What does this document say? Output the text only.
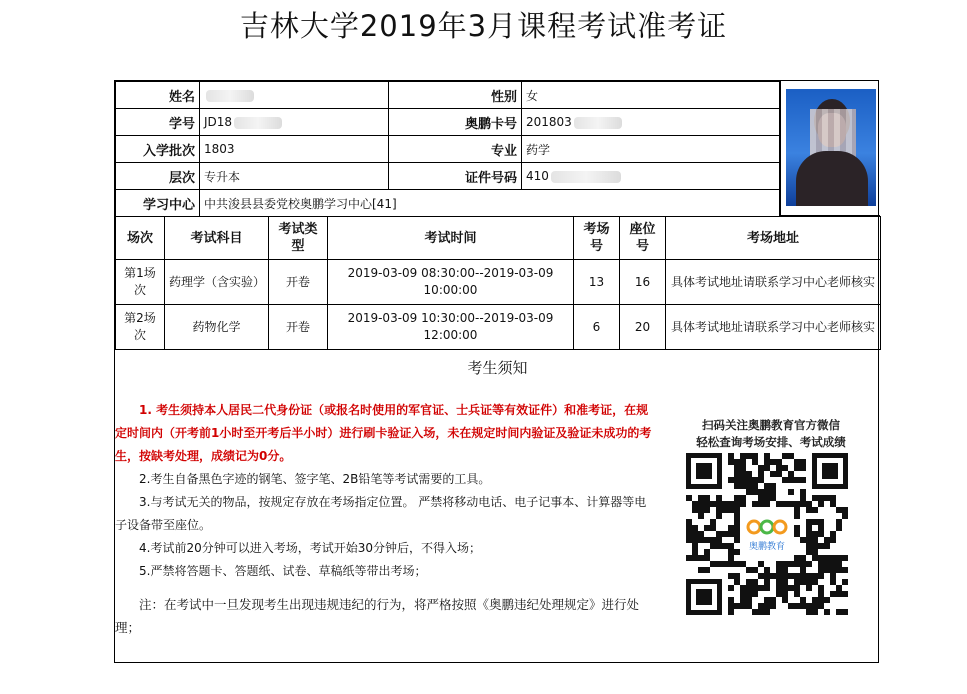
吉林大学2019年3月课程考试准考证
姓名		性别	女
学号	JD18	奥鹏卡号	201803
入学批次	1803	专业	药学
层次	专升本	证件号码	410
学习中心	中共浚县县委党校奥鹏学习中心[41]		
场次	考试科目	考试类型	考试时间	考场号	座位号	考场地址
第1场次	药理学（含实验）	开卷	2019-03-09 08:30:00--2019-03-09 10:00:00	13	16	具体考试地址请联系学习中心老师核实
第2场次	药物化学	开卷	2019-03-09 10:30:00--2019-03-09 12:00:00	6	20	具体考试地址请联系学习中心老师核实
考生须知

1. 考生须持本人居民二代身份证（或报名时使用的军官证、士兵证等有效证件）和准考证，在规定时间内（开考前1小时至开考后半小时）进行刷卡验证入场，未在规定时间内验证及验证未成功的考生，按缺考处理，成绩记为0分。

2.考生自备黑色字迹的钢笔、签字笔、2B铅笔等考试需要的工具。

3.与考试无关的物品，按规定存放在考场指定位置。 严禁将移动电话、电子记事本、计算器等电子设备带至座位。

4.考试前20分钟可以进入考场，考试开始30分钟后，不得入场；

5.严禁将答题卡、答题纸、试卷、草稿纸等带出考场；

注：在考试中一旦发现考生出现违规违纪的行为，将严格按照《奥鹏违纪处理规定》进行处理；

扫码关注奥鹏教育官方微信
轻松查询考场安排、考试成绩
奥鹏教育
